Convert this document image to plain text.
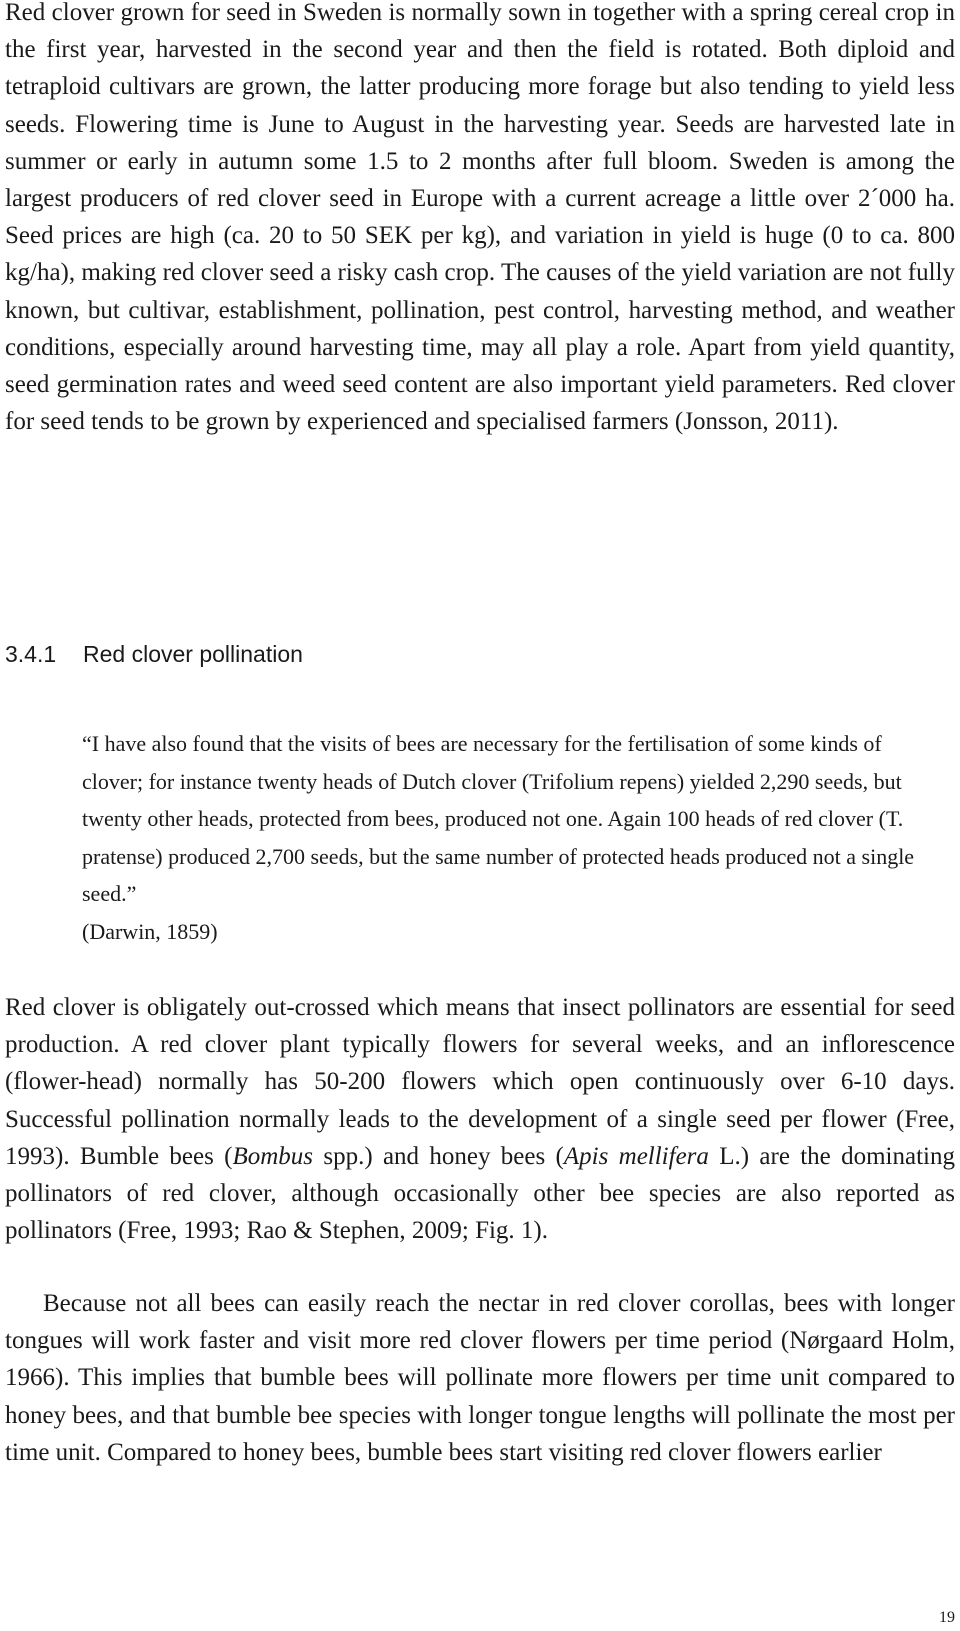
Red clover grown for seed in Sweden is normally sown in together with a spring cereal crop in the first year, harvested in the second year and then the field is rotated. Both diploid and tetraploid cultivars are grown, the latter producing more forage but also tending to yield less seeds. Flowering time is June to August in the harvesting year. Seeds are harvested late in summer or early in autumn some 1.5 to 2 months after full bloom. Sweden is among the largest producers of red clover seed in Europe with a current acreage a little over 2´000 ha. Seed prices are high (ca. 20 to 50 SEK per kg), and variation in yield is huge (0 to ca. 800 kg/ha), making red clover seed a risky cash crop. The causes of the yield variation are not fully known, but cultivar, establishment, pollination, pest control, harvesting method, and weather conditions, especially around harvesting time, may all play a role. Apart from yield quantity, seed germination rates and weed seed content are also important yield parameters. Red clover for seed tends to be grown by experienced and specialised farmers (Jonsson, 2011).

3.4.1 Red clover pollination

“I have also found that the visits of bees are necessary for the fertilisation of some kinds of clover; for instance twenty heads of Dutch clover (Trifolium repens) yielded 2,290 seeds, but twenty other heads, protected from bees, produced not one. Again 100 heads of red clover (T. pratense) produced 2,700 seeds, but the same number of protected heads produced not a single seed.”

(Darwin, 1859)

Red clover is obligately out-crossed which means that insect pollinators are essential for seed production. A red clover plant typically flowers for several weeks, and an inflorescence (flower-head) normally has 50-200 flowers which open continuously over 6-10 days. Successful pollination normally leads to the development of a single seed per flower (Free, 1993). Bumble bees (Bombus spp.) and honey bees (Apis mellifera L.) are the dominating pollinators of red clover, although occasionally other bee species are also reported as pollinators (Free, 1993; Rao & Stephen, 2009; Fig. 1).

Because not all bees can easily reach the nectar in red clover corollas, bees with longer tongues will work faster and visit more red clover flowers per time period (Nørgaard Holm, 1966). This implies that bumble bees will pollinate more flowers per time unit compared to honey bees, and that bumble bee species with longer tongue lengths will pollinate the most per time unit. Compared to honey bees, bumble bees start visiting red clover flowers earlier

19
